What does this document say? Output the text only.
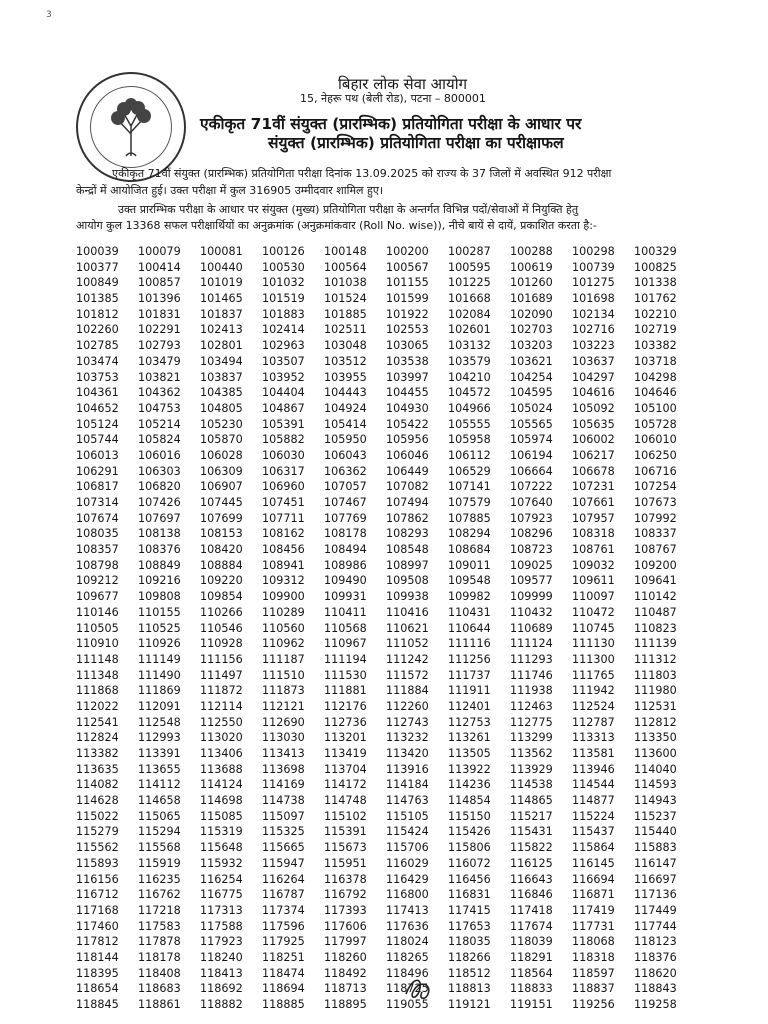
3
बिहार लोक सेवा आयोग
15, नेहरू पथ (बेली रोड), पटना – 800001
एकीकृत 71वीं संयुक्त (प्रारम्भिक) प्रतियोगिता परीक्षा के आधार पर
संयुक्त (प्रारम्भिक) प्रतियोगिता परीक्षा का परीक्षाफल
एकीकृत 71वीं संयुक्त (प्रारम्भिक) प्रतियोगिता परीक्षा दिनांक 13.09.2025 को राज्य के 37 जिलों में अवस्थित 912 परीक्षा
केन्द्रों में आयोजित हुई। उक्त परीक्षा में कुल 316905 उम्मीदवार शामिल हुए।
उक्त प्रारम्भिक परीक्षा के आधार पर संयुक्त (मुख्य) प्रतियोगिता परीक्षा के अन्तर्गत विभिन्न पदों/सेवाओं में नियुक्ति हेतु
आयोग कुल 13368 सफल परीक्षार्थियों का अनुक्रमांक (अनुक्रमांकवार (Roll No. wise)), नीचे बायें से दायें, प्रकाशित करता है:-
100039	100079	100081	100126	100148	100200	100287	100288	100298	100329
100377	100414	100440	100530	100564	100567	100595	100619	100739	100825
100849	100857	101019	101032	101038	101155	101225	101260	101275	101338
101385	101396	101465	101519	101524	101599	101668	101689	101698	101762
101812	101831	101837	101883	101885	101922	102084	102090	102134	102210
102260	102291	102413	102414	102511	102553	102601	102703	102716	102719
102785	102793	102801	102963	103048	103065	103132	103203	103223	103382
103474	103479	103494	103507	103512	103538	103579	103621	103637	103718
103753	103821	103837	103952	103955	103997	104210	104254	104297	104298
104361	104362	104385	104404	104443	104455	104572	104595	104616	104646
104652	104753	104805	104867	104924	104930	104966	105024	105092	105100
105124	105214	105230	105391	105414	105422	105555	105565	105635	105728
105744	105824	105870	105882	105950	105956	105958	105974	106002	106010
106013	106016	106028	106030	106043	106046	106112	106194	106217	106250
106291	106303	106309	106317	106362	106449	106529	106664	106678	106716
106817	106820	106907	106960	107057	107082	107141	107222	107231	107254
107314	107426	107445	107451	107467	107494	107579	107640	107661	107673
107674	107697	107699	107711	107769	107862	107885	107923	107957	107992
108035	108138	108153	108162	108178	108293	108294	108296	108318	108337
108357	108376	108420	108456	108494	108548	108684	108723	108761	108767
108798	108849	108884	108941	108986	108997	109011	109025	109032	109200
109212	109216	109220	109312	109490	109508	109548	109577	109611	109641
109677	109808	109854	109900	109931	109938	109982	109999	110097	110142
110146	110155	110266	110289	110411	110416	110431	110432	110472	110487
110505	110525	110546	110560	110568	110621	110644	110689	110745	110823
110910	110926	110928	110962	110967	111052	111116	111124	111130	111139
111148	111149	111156	111187	111194	111242	111256	111293	111300	111312
111348	111490	111497	111510	111530	111572	111737	111746	111765	111803
111868	111869	111872	111873	111881	111884	111911	111938	111942	111980
112022	112091	112114	112121	112176	112260	112401	112463	112524	112531
112541	112548	112550	112690	112736	112743	112753	112775	112787	112812
112824	112993	113020	113030	113201	113232	113261	113299	113313	113350
113382	113391	113406	113413	113419	113420	113505	113562	113581	113600
113635	113655	113688	113698	113704	113916	113922	113929	113946	114040
114082	114112	114124	114169	114172	114184	114236	114538	114544	114593
114628	114658	114698	114738	114748	114763	114854	114865	114877	114943
115022	115065	115085	115097	115102	115105	115150	115217	115224	115237
115279	115294	115319	115325	115391	115424	115426	115431	115437	115440
115562	115568	115648	115665	115673	115706	115806	115822	115864	115883
115893	115919	115932	115947	115951	116029	116072	116125	116145	116147
116156	116235	116254	116264	116378	116429	116456	116643	116694	116697
116712	116762	116775	116787	116792	116800	116831	116846	116871	117136
117168	117218	117313	117374	117393	117413	117415	117418	117419	117449
117460	117583	117588	117596	117606	117636	117653	117674	117731	117744
117812	117878	117923	117925	117997	118024	118035	118039	118068	118123
118144	118178	118240	118251	118260	118265	118266	118291	118318	118376
118395	118408	118413	118474	118492	118496	118512	118564	118597	118620
118654	118683	118692	118694	118713	118725	118813	118833	118837	118843
118845	118861	118882	118885	118895	119055	119121	119151	119256	119258
